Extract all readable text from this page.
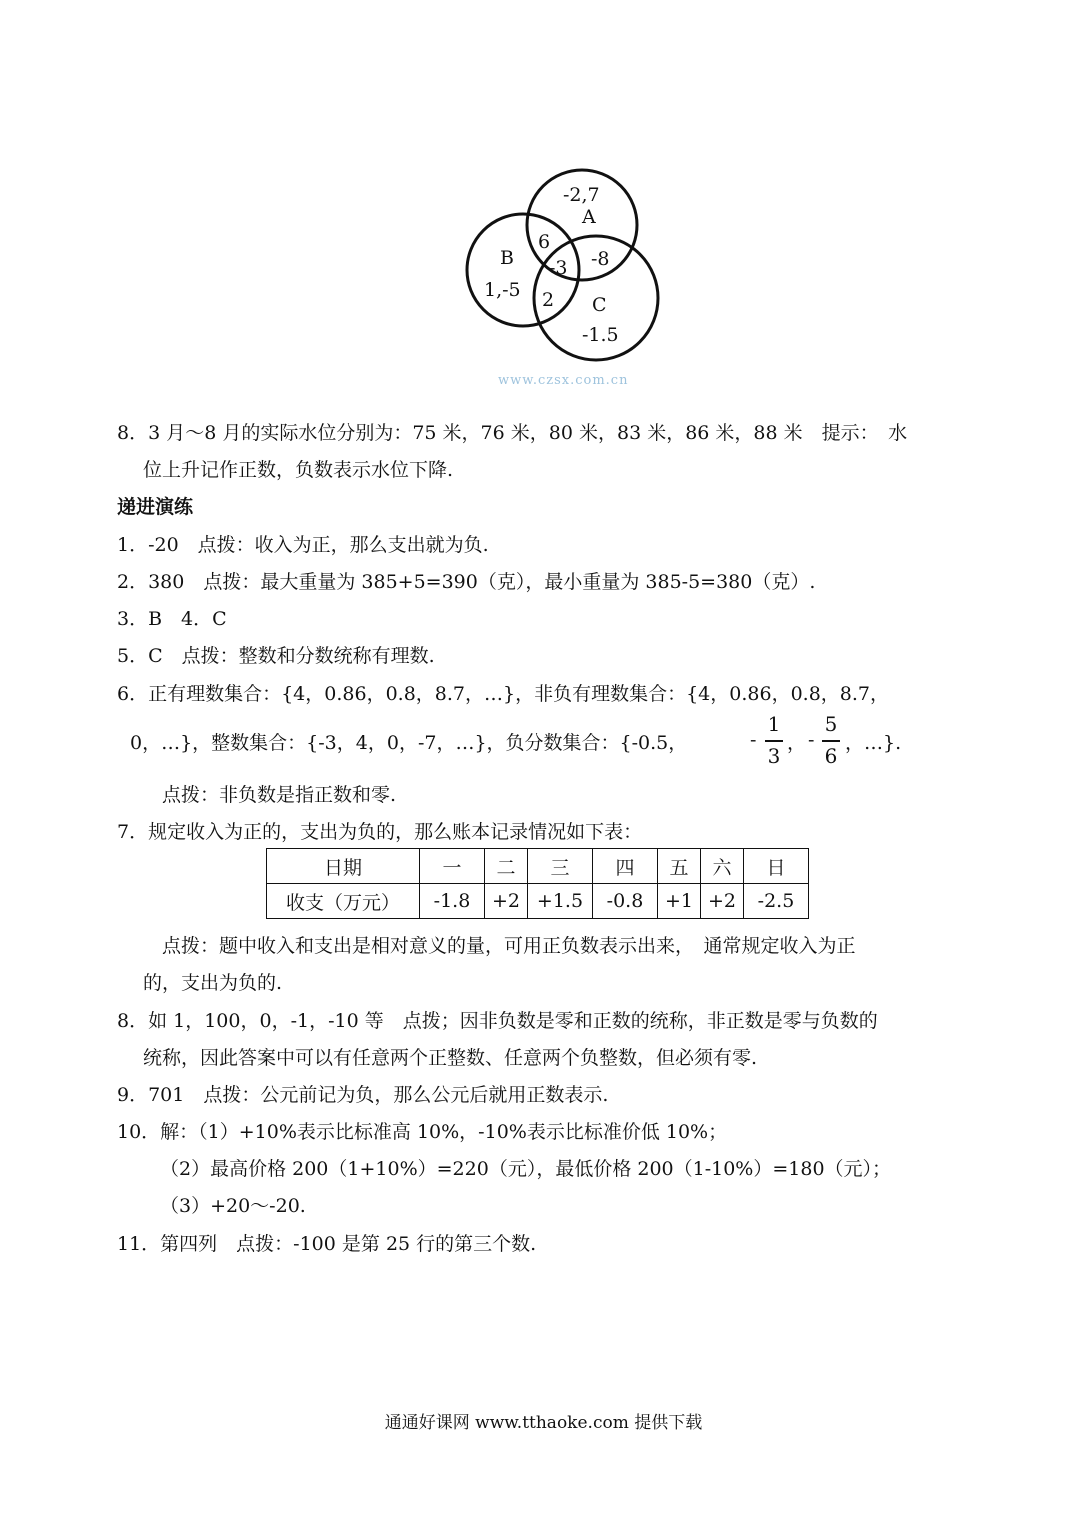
-2,7
A
6
-3 -8
B
1,-5 2 C
-1.5
www.czsx.com.cn
8．3 月～8 月的实际水位分别为：75 米，76 米，80 米，83 米，86 米，88 米　提示：　水
位上升记作正数，负数表示水位下降.
递进演练
1．-20　点拨：收入为正，那么支出就为负.
2．380　点拨：最大重量为 385+5=390（克），最小重量为 385-5=380（克）.
3．B　4．C
5．C　点拨：整数和分数统称有理数.
6．正有理数集合：{4，0.86，0.8，8.7，…}，非负有理数集合：{4，0.86，0.8，8.7，
0，…}，整数集合：{-3，4，0，-7，…}，负分数集合：{-0.5，	-
1
3
， -
5
6
，…}.
点拨：非负数是指正数和零.
7．规定收入为正的，支出为负的，那么账本记录情况如下表：
日期	一	二	三	四	五	六	日
收支（万元）	-1.8	+2	+1.5	-0.8	+1	+2	-2.5
点拨：题中收入和支出是相对意义的量，可用正负数表示出来，　通常规定收入为正
的，支出为负的.
8．如 1，100，0，-1，-10 等　点拨；因非负数是零和正数的统称，非正数是零与负数的
统称，因此答案中可以有任意两个正整数、任意两个负整数，但必须有零.
9．701　点拨：公元前记为负，那么公元后就用正数表示.
10．解：（1）+10%表示比标准高 10%，-10%表示比标准价低 10%；
（2）最高价格 200（1+10%）=220（元），最低价格 200（1-10%）=180（元）；
（3）+20～-20.
11．第四列　点拨：-100 是第 25 行的第三个数.
通通好课网 www.tthaoke.com 提供下载
